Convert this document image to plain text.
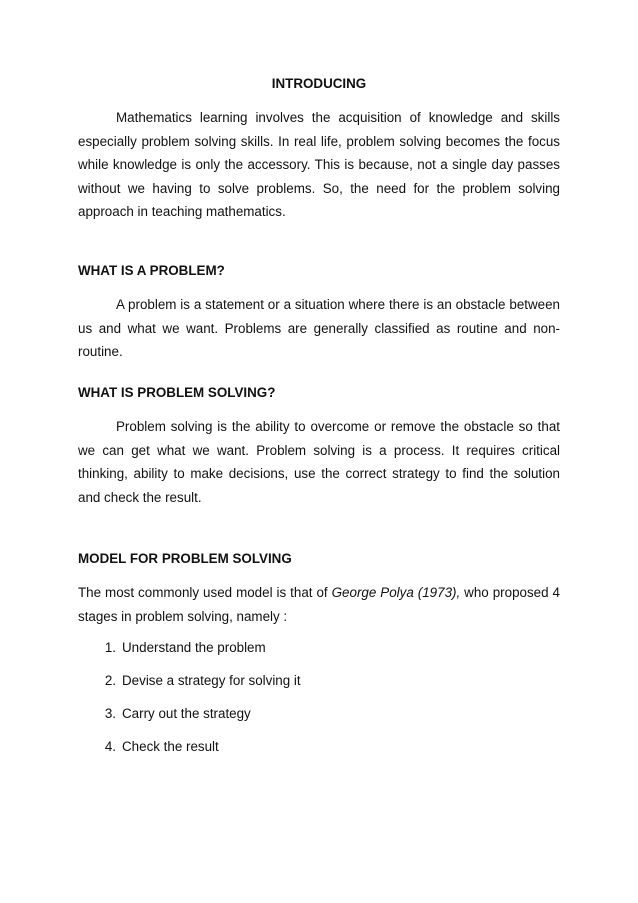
INTRODUCING

Mathematics learning involves the acquisition of knowledge and skills especially problem solving skills. In real life, problem solving becomes the focus while knowledge is only the accessory. This is because, not a single day passes without we having to solve problems. So, the need for the problem solving approach in teaching mathematics.

WHAT IS A PROBLEM?

A problem is a statement or a situation where there is an obstacle between us and what we want. Problems are generally classified as routine and non-routine.

WHAT IS PROBLEM SOLVING?

Problem solving is the ability to overcome or remove the obstacle so that we can get what we want. Problem solving is a process. It requires critical thinking, ability to make decisions, use the correct strategy to find the solution and check the result.

MODEL FOR PROBLEM SOLVING

The most commonly used model is that of George Polya (1973), who proposed 4 stages in problem solving, namely :

1. Understand the problem
2. Devise a strategy for solving it
3. Carry out the strategy
4. Check the result
